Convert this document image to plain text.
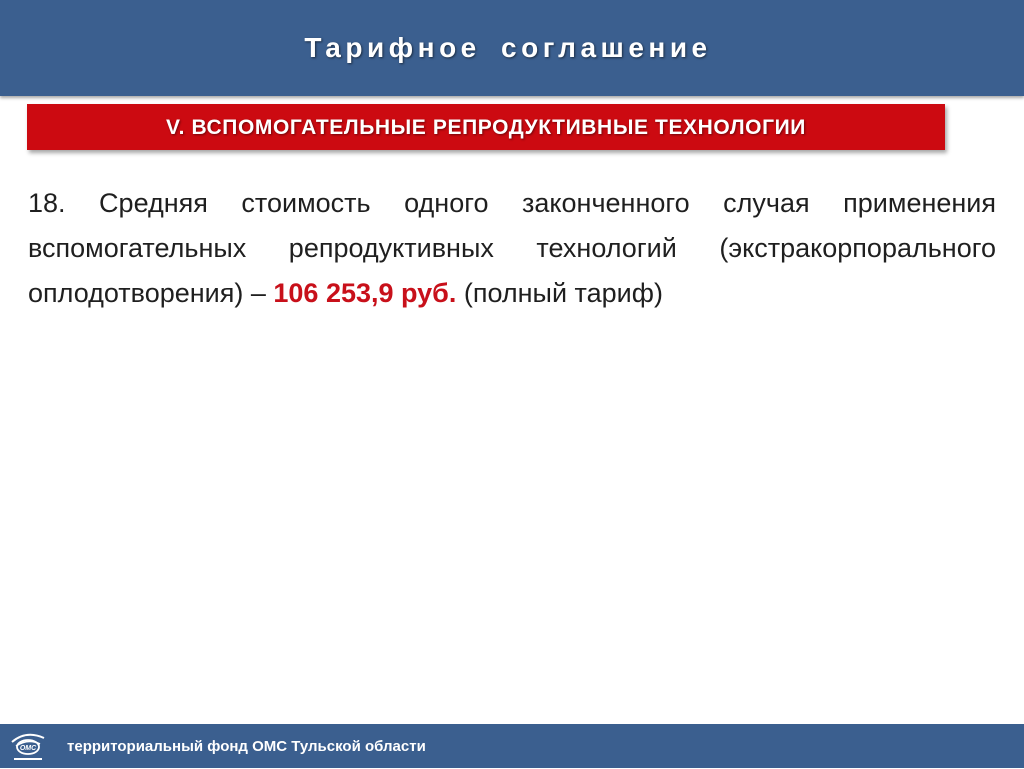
Тарифное соглашение
V. ВСПОМОГАТЕЛЬНЫЕ РЕПРОДУКТИВНЫЕ ТЕХНОЛОГИИ
18. Средняя стоимость одного законченного случая применения вспомогательных репродуктивных технологий (экстракорпорального оплодотворения) – 106 253,9 руб. (полный тариф)
ОМС территориальный фонд ОМС Тульской области
